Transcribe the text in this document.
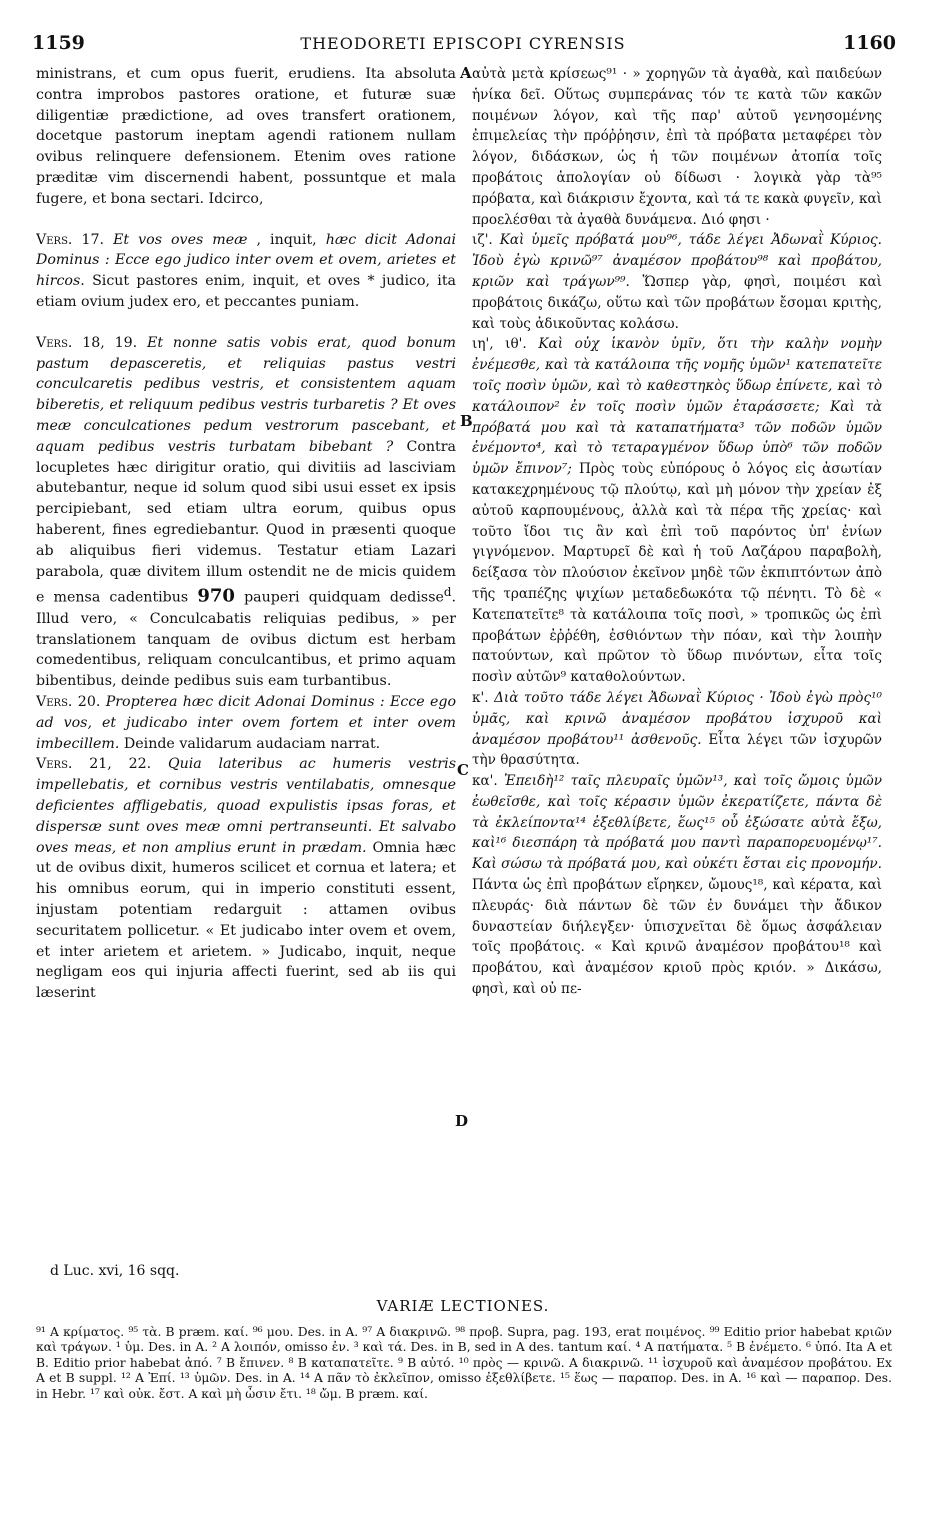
1159	THEODORETI EPISCOPI CYRENSIS	1160
A
B
C
D

ministrans, et cum opus fuerit, erudiens. Ita absoluta contra improbos pastores oratione, et futuræ suæ diligentiæ prædictione, ad oves transfert orationem, docetque pastorum ineptam agendi rationem nullam ovibus relinquere defensionem. Etenim oves ratione præditæ vim discernendi habent, possuntque et mala fugere, et bona sectari. Idcirco,

Vers. 17. Et vos oves meæ , inquit, hæc dicit Adonai Dominus : Ecce ego judico inter ovem et ovem, arietes et hircos. Sicut pastores enim, inquit, et oves * judico, ita etiam ovium judex ero, et peccantes puniam.

Vers. 18, 19. Et nonne satis vobis erat, quod bonum pastum depasceretis, et reliquias pastus vestri conculcaretis pedibus vestris, et consistentem aquam biberetis, et reliquum pedibus vestris turbaretis ? Et oves meæ conculcationes pedum vestrorum pascebant, et aquam pedibus vestris turbatam bibebant ? Contra locupletes hæc dirigitur oratio, qui divitiis ad lasciviam abutebantur, neque id solum quod sibi usui esset ex ipsis percipiebant, sed etiam ultra eorum, quibus opus haberent, fines egrediebantur. Quod in præsenti quoque ab aliquibus fieri videmus. Testatur etiam Lazari parabola, quæ divitem illum ostendit ne de micis quidem e mensa cadentibus 970 pauperi quidquam dedisse$^d$. Illud vero, « Conculcabatis reliquias pedibus, » per translationem tanquam de ovibus dictum est herbam comedentibus, reliquam conculcantibus, et primo aquam bibentibus, deinde pedibus suis eam turbantibus.

Vers. 20. Propterea hæc dicit Adonai Dominus : Ecce ego ad vos, et judicabo inter ovem fortem et inter ovem imbecillem. Deinde validarum audaciam narrat.

Vers. 21, 22. Quia lateribus ac humeris vestris impellebatis, et cornibus vestris ventilabatis, omnesque deficientes affligebatis, quoad expulistis ipsas foras, et dispersæ sunt oves meæ omni pertranseunti. Et salvabo oves meas, et non amplius erunt in prædam. Omnia hæc ut de ovibus dixit, humeros scilicet et cornua et latera; et his omnibus eorum, qui in imperio constituti essent, injustam potentiam redarguit : attamen ovibus securitatem pollicetur. « Et judicabo inter ovem et ovem, et inter arietem et arietem. » Judicabo, inquit, neque negligam eos qui injuria affecti fuerint, sed ab iis qui læserint

αὐτὰ μετὰ κρίσεως⁹¹ · » χορηγῶν τὰ ἀγαθὰ, καὶ παιδεύων ἡνίκα δεῖ. Οὕτως συμπεράνας τόν τε κατὰ τῶν κακῶν ποιμένων λόγον, καὶ τῆς παρ' αὐτοῦ γενησομένης ἐπιμελείας τὴν πρόῤῥησιν, ἐπὶ τὰ πρόβατα μεταφέρει τὸν λόγον, διδάσκων, ὡς ἡ τῶν ποιμένων ἀτοπία τοῖς προβάτοις ἀπολογίαν οὐ δίδωσι · λογικὰ γὰρ τὰ⁹⁵ πρόβατα, καὶ διάκρισιν ἔχοντα, καὶ τά τε κακὰ φυγεῖν, καὶ προελέσθαι τὰ ἀγαθὰ δυνάμενα. Διό φησι ·

ιζ'. Καὶ ὑμεῖς πρόβατά μου⁹⁶, τάδε λέγει Ἀδωναῒ Κύριος. Ἰδοὺ ἐγὼ κρινῶ⁹⁷ ἀναμέσον προβάτου⁹⁸ καὶ προβάτου, κριῶν καὶ τράγων⁹⁹. Ὥσπερ γὰρ, φησὶ, ποιμέσι καὶ προβάτοις δικάζω, οὕτω καὶ τῶν προβάτων ἔσομαι κριτὴς, καὶ τοὺς ἀδικοῦντας κολάσω.

ιη', ιθ'. Καὶ οὐχ ἱκανὸν ὑμῖν, ὅτι τὴν καλὴν νομὴν ἐνέμεσθε, καὶ τὰ κατάλοιπα τῆς νομῆς ὑμῶν¹ κατεπατεῖτε τοῖς ποσὶν ὑμῶν, καὶ τὸ καθεστηκὸς ὕδωρ ἐπίνετε, καὶ τὸ κατάλοιπον² ἐν τοῖς ποσὶν ὑμῶν ἐταράσσετε; Καὶ τὰ πρόβατά μου καὶ τὰ καταπατήματα³ τῶν ποδῶν ὑμῶν ἐνέμοντο⁴, καὶ τὸ τεταραγμένον ὕδωρ ὑπὸ⁶ τῶν ποδῶν ὑμῶν ἔπινον⁷; Πρὸς τοὺς εὐπόρους ὁ λόγος εἰς ἀσωτίαν κατακεχρημένους τῷ πλούτῳ, καὶ μὴ μόνον τὴν χρείαν ἐξ αὐτοῦ καρπουμένους, ἀλλὰ καὶ τὰ πέρα τῆς χρείας· καὶ τοῦτο ἴδοι τις ἂν καὶ ἐπὶ τοῦ παρόντος ὑπ' ἐνίων γιγνόμενον. Μαρτυρεῖ δὲ καὶ ἡ τοῦ Λαζάρου παραβολὴ, δείξασα τὸν πλούσιον ἐκεῖνον μηδὲ τῶν ἐκπιπτόντων ἀπὸ τῆς τραπέζης ψιχίων μεταδεδωκότα τῷ πένητι. Τὸ δὲ « Κατεπατεῖτε⁸ τὰ κατάλοιπα τοῖς ποσὶ, » τροπικῶς ὡς ἐπὶ προβάτων ἐῤῥέθη, ἐσθιόντων τὴν πόαν, καὶ τὴν λοιπὴν πατούντων, καὶ πρῶτον τὸ ὕδωρ πινόντων, εἶτα τοῖς ποσὶν αὐτῶν⁹ καταθολούντων.

κ'. Διὰ τοῦτο τάδε λέγει Ἀδωναῒ Κύριος · Ἰδοὺ ἐγὼ πρὸς¹⁰ ὑμᾶς, καὶ κρινῶ ἀναμέσον προβάτου ἰσχυροῦ καὶ ἀναμέσον προβάτου¹¹ ἀσθενοῦς. Εἶτα λέγει τῶν ἰσχυρῶν τὴν θρασύτητα.

κα'. Ἐπειδὴ¹² ταῖς πλευραῖς ὑμῶν¹³, καὶ τοῖς ὤμοις ὑμῶν ἐωθεῖσθε, καὶ τοῖς κέρασιν ὑμῶν ἐκερατίζετε, πάντα δὲ τὰ ἐκλείποντα¹⁴ ἐξεθλίβετε, ἕως¹⁵ οὗ ἐξώσατε αὐτὰ ἔξω, καὶ¹⁶ διεσπάρη τὰ πρόβατά μου παντὶ παραπορευομένῳ¹⁷. Καὶ σώσω τὰ πρόβατά μου, καὶ οὐκέτι ἔσται εἰς προνομήν. Πάντα ὡς ἐπὶ προβάτων εἴρηκεν, ὤμους¹⁸, καὶ κέρατα, καὶ πλευράς· διὰ πάντων δὲ τῶν ἐν δυνάμει τὴν ἄδικον δυναστείαν διήλεγξεν· ὑπισχνεῖται δὲ ὅμως ἀσφάλειαν τοῖς προβάτοις. « Καὶ κρινῶ ἀναμέσον προβάτου¹⁸ καὶ προβάτου, καὶ ἀναμέσον κριοῦ πρὸς κριόν. » Δικάσω, φησὶ, καὶ οὐ πε-

d Luc. xvi, 16 sqq.
VARIÆ LECTIONES.

⁹¹ A κρίματος. ⁹⁵ τὰ. B præm. καί. ⁹⁶ μου. Des. in A. ⁹⁷ A διακρινῶ. ⁹⁸ προβ. Supra, pag. 193, erat ποιμένος. ⁹⁹ Editio prior habebat κριῶν καὶ τράγων. ¹ ὑμ. Des. in A. ² A λοιπόν, omisso ἐν. ³ καὶ τά. Des. in B, sed in A des. tantum καί. ⁴ A πατήματα. ⁵ B ἐνέμετο. ⁶ ὑπό. Ita A et B. Editio prior habebat ἀπό. ⁷ B ἔπινεν. ⁸ B καταπατεῖτε. ⁹ B αὐτό. ¹⁰ πρὸς — κρινῶ. A διακρινῶ. ¹¹ ἰσχυροῦ καὶ ἀναμέσον προβάτου. Ex A et B suppl. ¹² A Ἐπί. ¹³ ὑμῶν. Des. in A. ¹⁴ A πᾶν τὸ ἐκλεῖπον, omisso ἐξεθλίβετε. ¹⁵ ἕως — παραπορ. Des. in A. ¹⁶ καὶ — παραπορ. Des. in Hebr. ¹⁷ καὶ οὐκ. ἔστ. A καὶ μὴ ὦσιν ἔτι. ¹⁸ ὤμ. B præm. καί.
